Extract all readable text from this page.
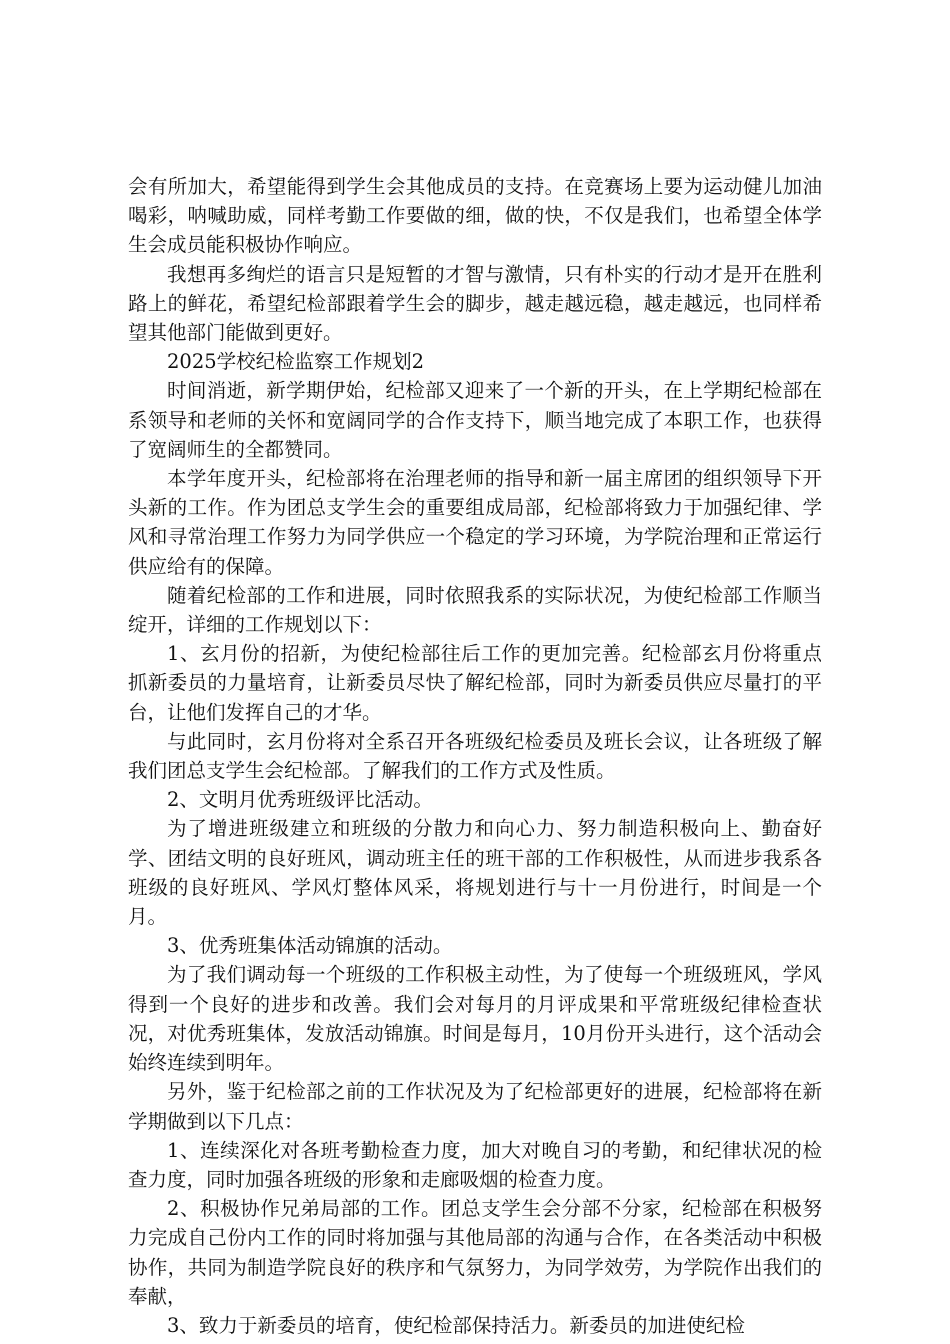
会有所加大，希望能得到学生会其他成员的支持。在竞赛场上要为运动健儿加油喝彩，呐喊助威，同样考勤工作要做的细，做的快，不仅是我们，也希望全体学生会成员能积极协作响应。

我想再多绚烂的语言只是短暂的才智与激情，只有朴实的行动才是开在胜利路上的鲜花，希望纪检部跟着学生会的脚步，越走越远稳，越走越远，也同样希望其他部门能做到更好。

2025学校纪检监察工作规划2

时间消逝，新学期伊始，纪检部又迎来了一个新的开头，在上学期纪检部在系领导和老师的关怀和宽阔同学的合作支持下，顺当地完成了本职工作，也获得了宽阔师生的全都赞同。

本学年度开头，纪检部将在治理老师的指导和新一届主席团的组织领导下开头新的工作。作为团总支学生会的重要组成局部，纪检部将致力于加强纪律、学风和寻常治理工作努力为同学供应一个稳定的学习环境，为学院治理和正常运行供应给有的保障。

随着纪检部的工作和进展，同时依照我系的实际状况，为使纪检部工作顺当绽开，详细的工作规划以下：

1、玄月份的招新，为使纪检部往后工作的更加完善。纪检部玄月份将重点抓新委员的力量培育，让新委员尽快了解纪检部，同时为新委员供应尽量打的平台，让他们发挥自己的才华。

与此同时，玄月份将对全系召开各班级纪检委员及班长会议，让各班级了解我们团总支学生会纪检部。了解我们的工作方式及性质。

2、文明月优秀班级评比活动。

为了增进班级建立和班级的分散力和向心力、努力制造积极向上、勤奋好学、团结文明的良好班风，调动班主任的班干部的工作积极性，从而进步我系各班级的良好班风、学风灯整体风采，将规划进行与十一月份进行，时间是一个月。

3、优秀班集体活动锦旗的活动。

为了我们调动每一个班级的工作积极主动性，为了使每一个班级班风，学风得到一个良好的进步和改善。我们会对每月的月评成果和平常班级纪律检查状况，对优秀班集体，发放活动锦旗。时间是每月，10月份开头进行，这个活动会始终连续到明年。

另外，鉴于纪检部之前的工作状况及为了纪检部更好的进展，纪检部将在新学期做到以下几点：

1、连续深化对各班考勤检查力度，加大对晚自习的考勤，和纪律状况的检查力度，同时加强各班级的形象和走廊吸烟的检查力度。

2、积极协作兄弟局部的工作。团总支学生会分部不分家，纪检部在积极努力完成自己份内工作的同时将加强与其他局部的沟通与合作，在各类活动中积极协作，共同为制造学院良好的秩序和气氛努力，为同学效劳，为学院作出我们的奉献，

3、致力于新委员的培育，使纪检部保持活力。新委员的加进使纪检
